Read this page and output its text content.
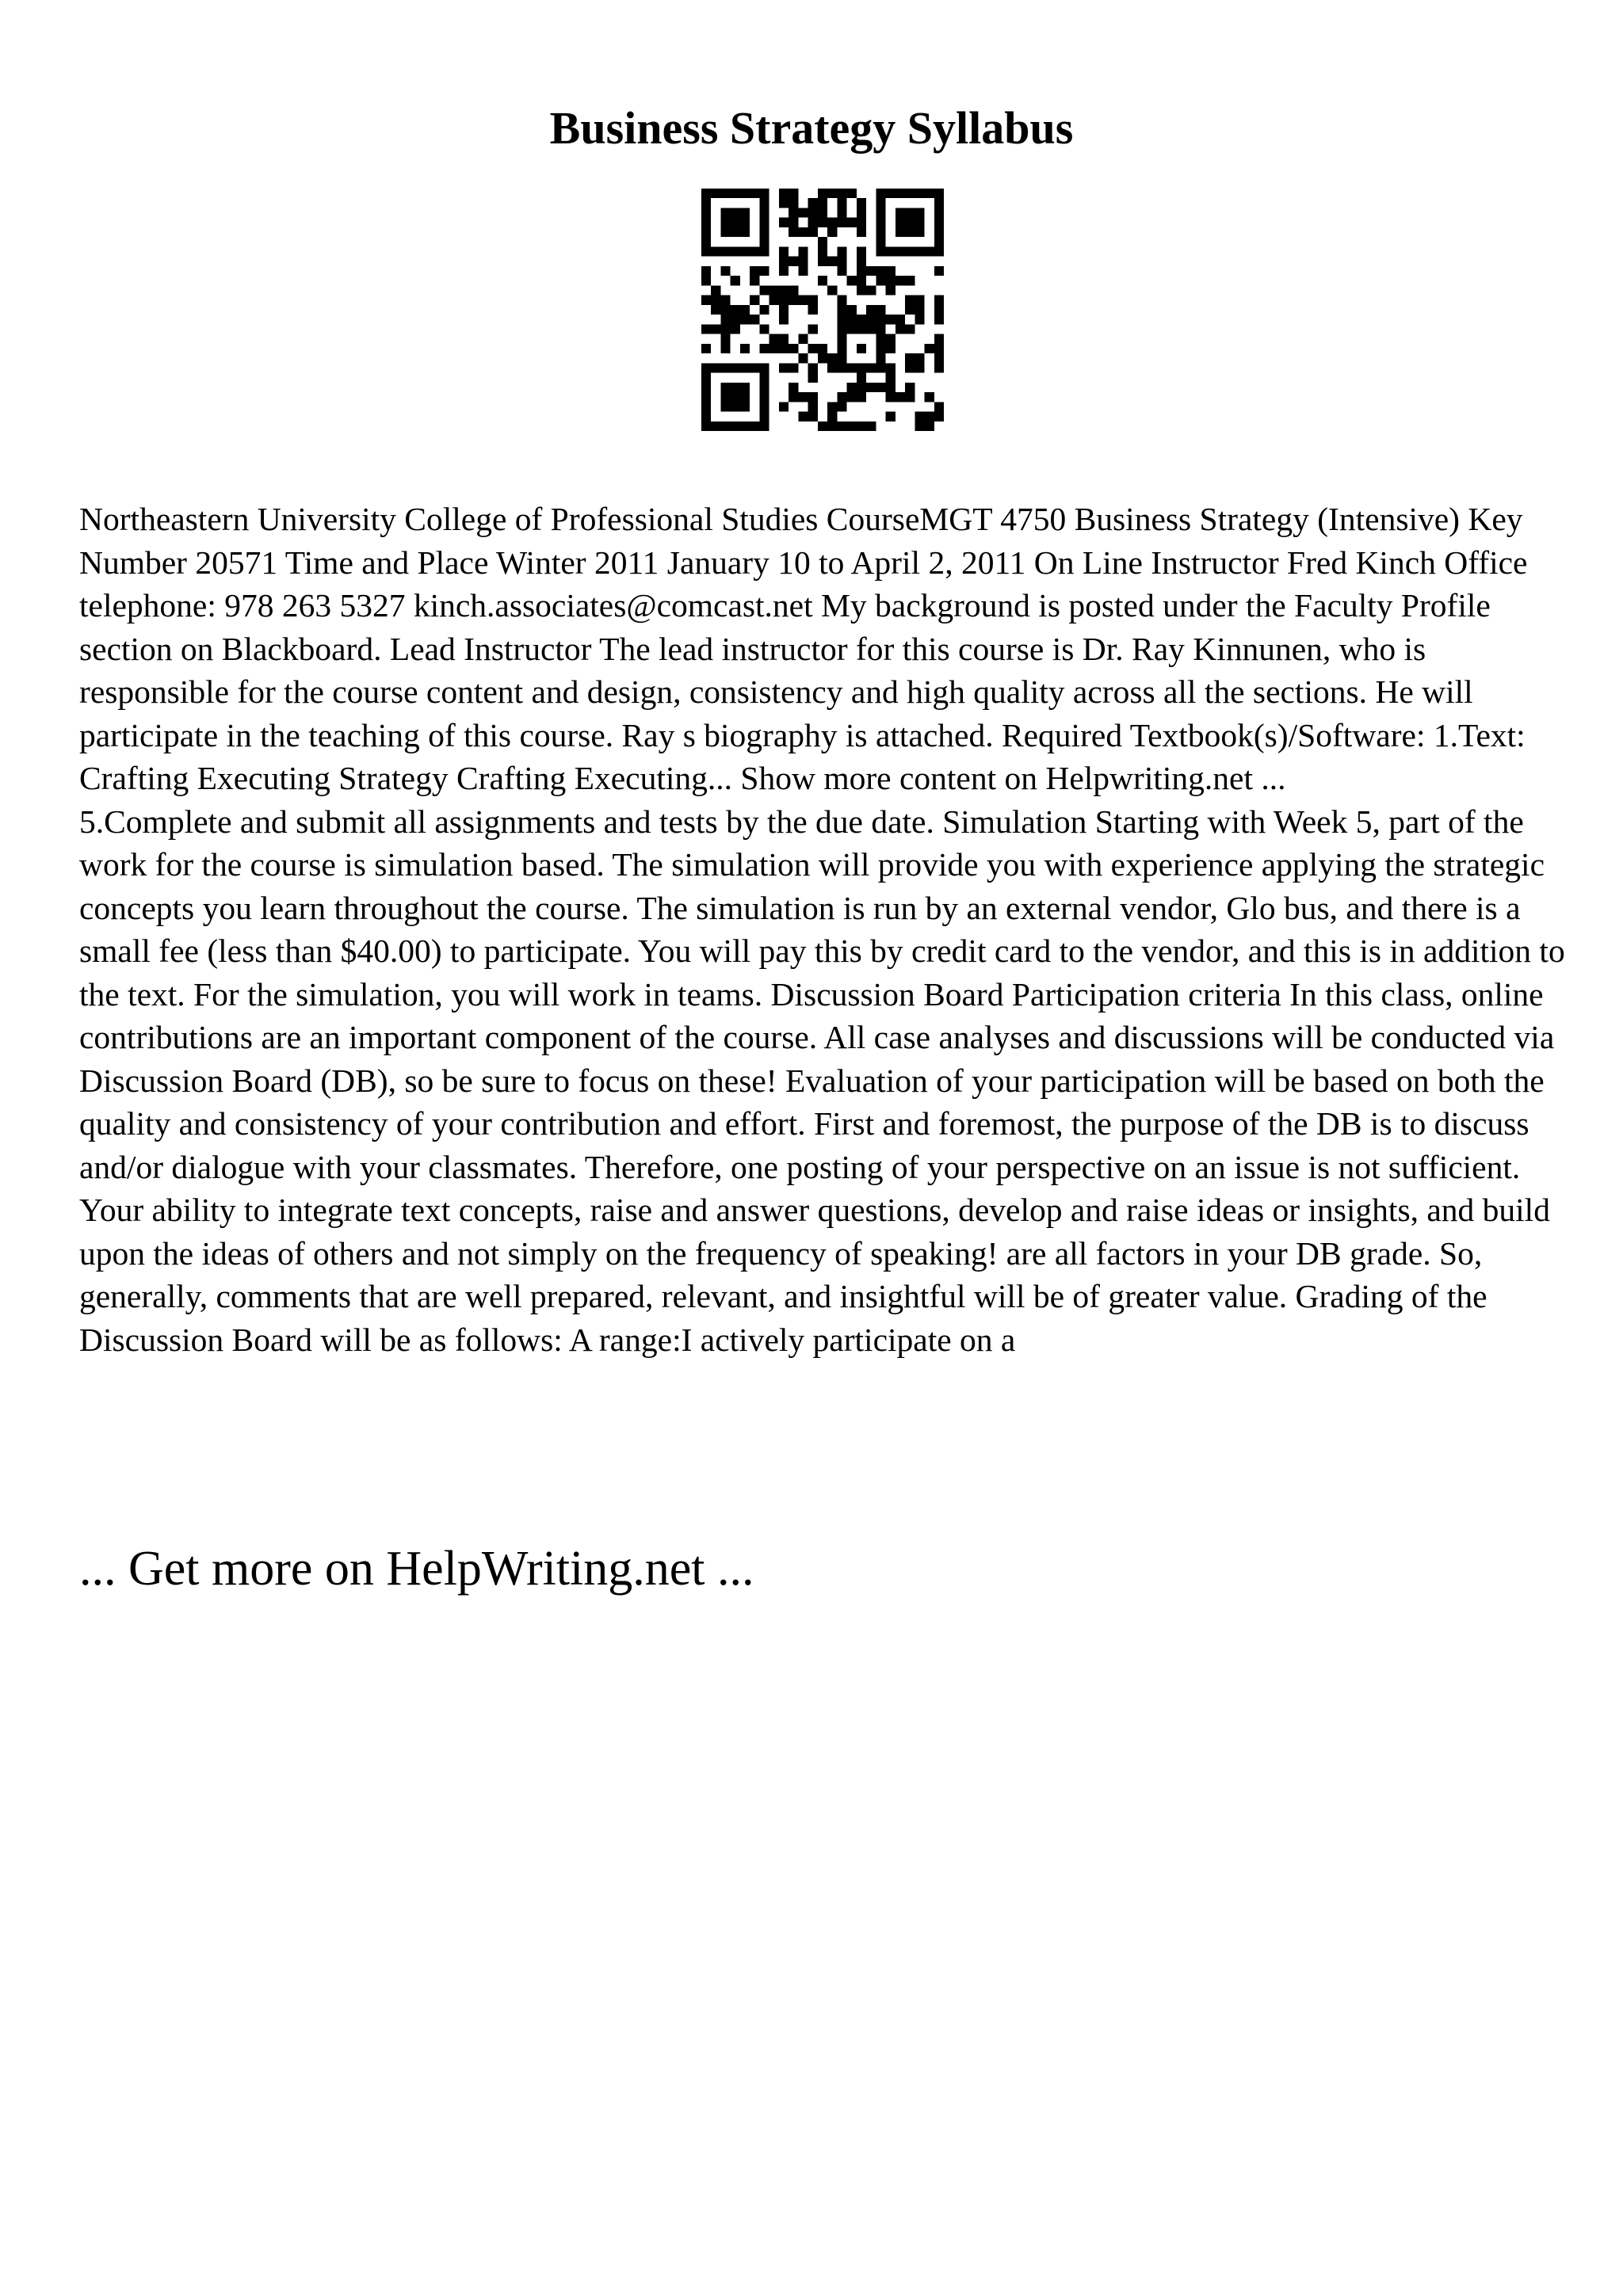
Business Strategy Syllabus

Northeastern University College of Professional Studies CourseMGT 4750 Business Strategy (Intensive) Key Number 20571 Time and Place Winter 2011 January 10 to April 2, 2011 On Line Instructor Fred Kinch Office telephone: 978 263 5327 kinch.associates@comcast.net My background is posted under the Faculty Profile section on Blackboard. Lead Instructor The lead instructor for this course is Dr. Ray Kinnunen, who is responsible for the course content and design, consistency and high quality across all the sections. He will participate in the teaching of this course. Ray s biography is attached. Required Textbook(s)/Software: 1.Text: Crafting Executing Strategy Crafting Executing... Show more content on Helpwriting.net ...

5.Complete and submit all assignments and tests by the due date. Simulation Starting with Week 5, part of the work for the course is simulation based. The simulation will provide you with experience applying the strategic concepts you learn throughout the course. The simulation is run by an external vendor, Glo bus, and there is a small fee (less than $40.00) to participate. You will pay this by credit card to the vendor, and this is in addition to the text. For the simulation, you will work in teams. Discussion Board Participation criteria In this class, online contributions are an important component of the course. All case analyses and discussions will be conducted via Discussion Board (DB), so be sure to focus on these! Evaluation of your participation will be based on both the quality and consistency of your contribution and effort. First and foremost, the purpose of the DB is to discuss and/or dialogue with your classmates. Therefore, one posting of your perspective on an issue is not sufficient. Your ability to integrate text concepts, raise and answer questions, develop and raise ideas or insights, and build upon the ideas of others and not simply on the frequency of speaking! are all factors in your DB grade. So, generally, comments that are well prepared, relevant, and insightful will be of greater value. Grading of the Discussion Board will be as follows: A range:I actively participate on a

... Get more on HelpWriting.net ...
